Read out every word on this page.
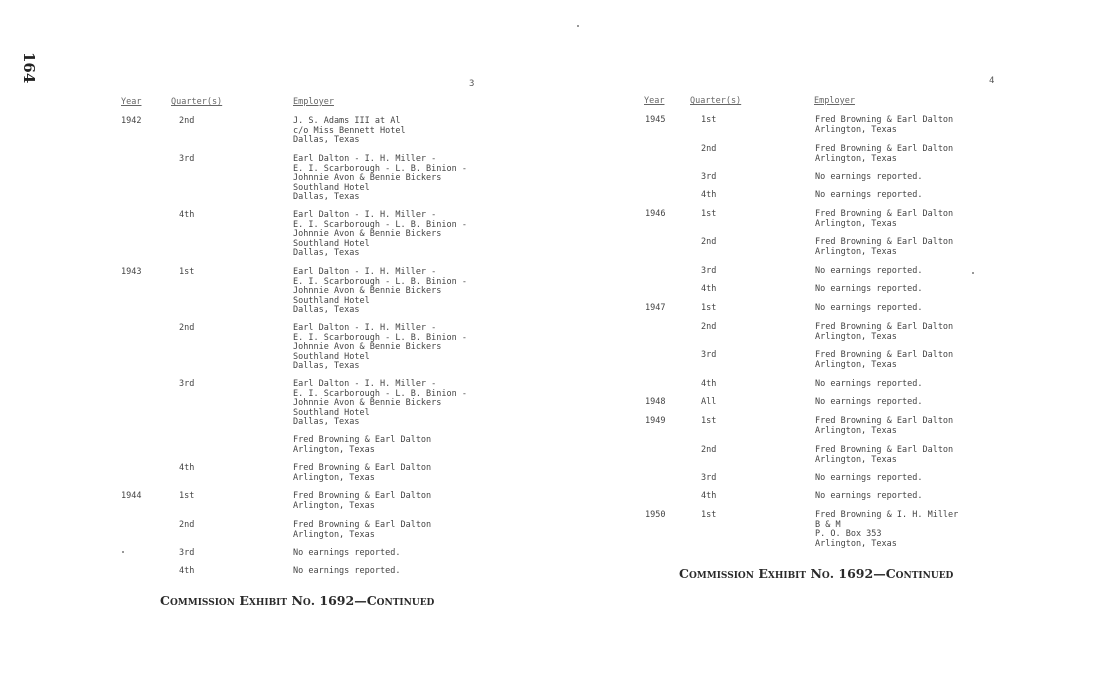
164
3
Year	Quarter(s)	Employer
1942	2nd	J. S. Adams III at Al
c/o Miss Bennett Hotel
Dallas, Texas
3rd	Earl Dalton - I. H. Miller -
E. I. Scarborough - L. B. Binion -
Johnnie Avon & Bennie Bickers
Southland Hotel
Dallas, Texas
4th	Earl Dalton - I. H. Miller -
E. I. Scarborough - L. B. Binion -
Johnnie Avon & Bennie Bickers
Southland Hotel
Dallas, Texas
1943	1st	Earl Dalton - I. H. Miller -
E. I. Scarborough - L. B. Binion -
Johnnie Avon & Bennie Bickers
Southland Hotel
Dallas, Texas
2nd	Earl Dalton - I. H. Miller -
E. I. Scarborough - L. B. Binion -
Johnnie Avon & Bennie Bickers
Southland Hotel
Dallas, Texas
3rd	Earl Dalton - I. H. Miller -
E. I. Scarborough - L. B. Binion -
Johnnie Avon & Bennie Bickers
Southland Hotel
Dallas, Texas
Fred Browning & Earl Dalton
Arlington, Texas
4th	Fred Browning & Earl Dalton
Arlington, Texas
1944	1st	Fred Browning & Earl Dalton
Arlington, Texas
2nd	Fred Browning & Earl Dalton
Arlington, Texas
3rd	No earnings reported.
4th	No earnings reported.
Commission Exhibit No. 1692—Continued
4
Year	Quarter(s)	Employer
1945	1st	Fred Browning & Earl Dalton
Arlington, Texas
2nd	Fred Browning & Earl Dalton
Arlington, Texas
3rd	No earnings reported.
4th	No earnings reported.
1946	1st	Fred Browning & Earl Dalton
Arlington, Texas
2nd	Fred Browning & Earl Dalton
Arlington, Texas
3rd	No earnings reported.
4th	No earnings reported.
1947	1st	No earnings reported.
2nd	Fred Browning & Earl Dalton
Arlington, Texas
3rd	Fred Browning & Earl Dalton
Arlington, Texas
4th	No earnings reported.
1948	All	No earnings reported.
1949	1st	Fred Browning & Earl Dalton
Arlington, Texas
2nd	Fred Browning & Earl Dalton
Arlington, Texas
3rd	No earnings reported.
4th	No earnings reported.
1950	1st	Fred Browning & I. H. Miller
B & M
P. O. Box 353
Arlington, Texas
Commission Exhibit No. 1692—Continued
